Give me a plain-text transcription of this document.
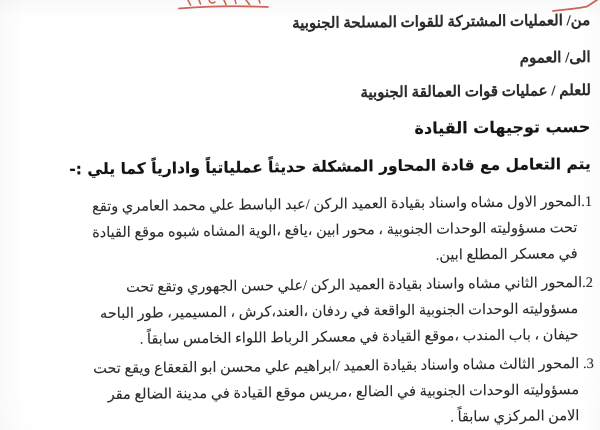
من/ العمليات المشتركة للقوات المسلحة الجنوبية
الى/ العموم
للعلم / عمليات قوات العمالقة الجنوبية
حسب توجيهات القيادة
يتم التعامل مع قادة المحاور المشكلة حديثاً عملياتياً وادارياً كما يلي :-
1.المحور الاول مشاه واسناد بقيادة العميد الركن /عبد الباسط علي محمد العامري وتقع
تحت مسؤوليته الوحدات الجنوبية ، محور ابين ،يافع ،الوية المشاه شبوه موقع القيادة
في معسكر المطلع ابين.
2.المحور الثاني مشاه واسناد بقيادة العميد الركن /علي حسن الجهوري وتقع تحت
مسؤوليته الوحدات الجنوبية الواقعة في ردفان ،العند،كرش ، المسيمير، طور الباحه
حيفان ، باب المندب ،موقع القيادة في معسكر الرباط اللواء الخامس سابقاً .
3. المحور الثالث مشاه واسناد بقيادة العميد /ابراهيم علي محسن ابو القعقاع ويقع تحت
مسؤوليته الوحدات الجنوبية في الضالع ،مريس موقع القيادة في مدينة الضالع مقر
الامن المركزي سابقاً .
